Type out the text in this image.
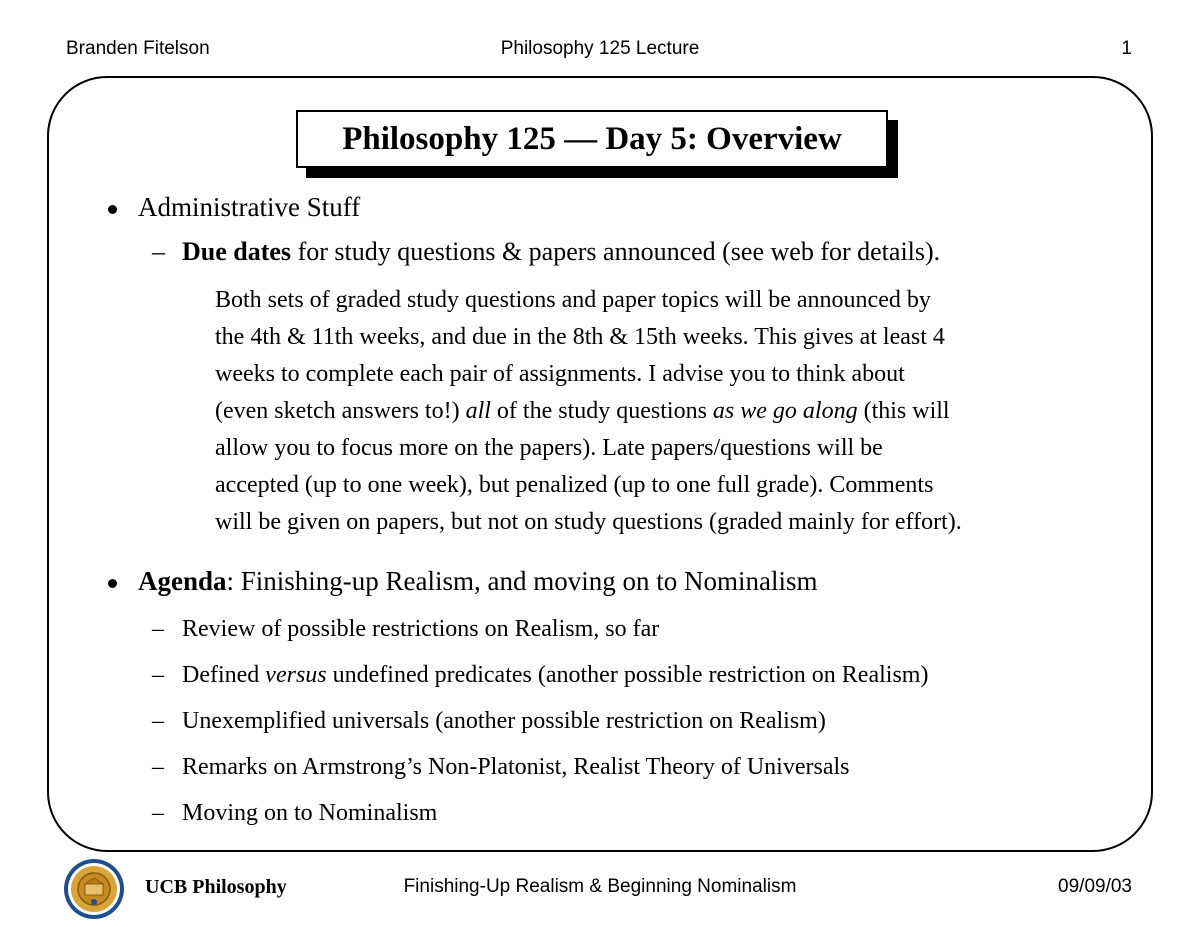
Branden Fitelson	Philosophy 125 Lecture	1
Philosophy 125 — Day 5: Overview
Administrative Stuff
– Due dates for study questions & papers announced (see web for details).
Both sets of graded study questions and paper topics will be announced by
the 4th & 11th weeks, and due in the 8th & 15th weeks. This gives at least 4
weeks to complete each pair of assignments. I advise you to think about
(even sketch answers to!) all of the study questions as we go along (this will
allow you to focus more on the papers). Late papers/questions will be
accepted (up to one week), but penalized (up to one full grade). Comments
will be given on papers, but not on study questions (graded mainly for effort).
Agenda: Finishing-up Realism, and moving on to Nominalism
– Review of possible restrictions on Realism, so far
– Defined versus undefined predicates (another possible restriction on Realism)
– Unexemplified universals (another possible restriction on Realism)
– Remarks on Armstrong’s Non-Platonist, Realist Theory of Universals
– Moving on to Nominalism
UCB Philosophy	Finishing-Up Realism & Beginning Nominalism	09/09/03
